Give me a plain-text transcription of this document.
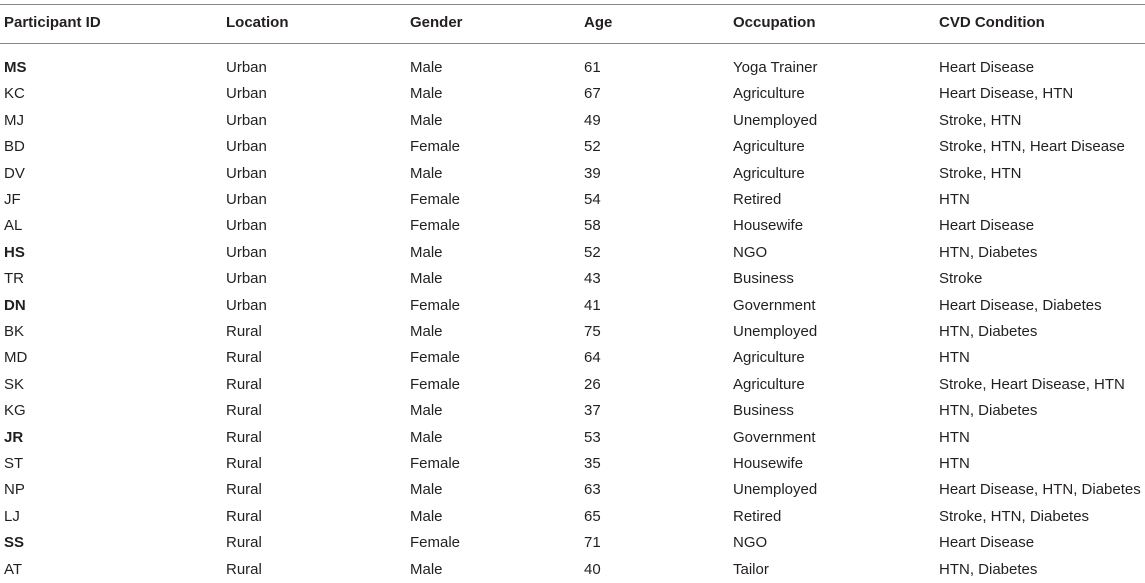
Participant ID	Location	Gender	Age	Occupation	CVD Condition
MS	Urban	Male	61	Yoga Trainer	Heart Disease
KC	Urban	Male	67	Agriculture	Heart Disease, HTN
MJ	Urban	Male	49	Unemployed	Stroke, HTN
BD	Urban	Female	52	Agriculture	Stroke, HTN, Heart Disease
DV	Urban	Male	39	Agriculture	Stroke, HTN
JF	Urban	Female	54	Retired	HTN
AL	Urban	Female	58	Housewife	Heart Disease
HS	Urban	Male	52	NGO	HTN, Diabetes
TR	Urban	Male	43	Business	Stroke
DN	Urban	Female	41	Government	Heart Disease, Diabetes
BK	Rural	Male	75	Unemployed	HTN, Diabetes
MD	Rural	Female	64	Agriculture	HTN
SK	Rural	Female	26	Agriculture	Stroke, Heart Disease, HTN
KG	Rural	Male	37	Business	HTN, Diabetes
JR	Rural	Male	53	Government	HTN
ST	Rural	Female	35	Housewife	HTN
NP	Rural	Male	63	Unemployed	Heart Disease, HTN, Diabetes
LJ	Rural	Male	65	Retired	Stroke, HTN, Diabetes
SS	Rural	Female	71	NGO	Heart Disease
AT	Rural	Male	40	Tailor	HTN, Diabetes
